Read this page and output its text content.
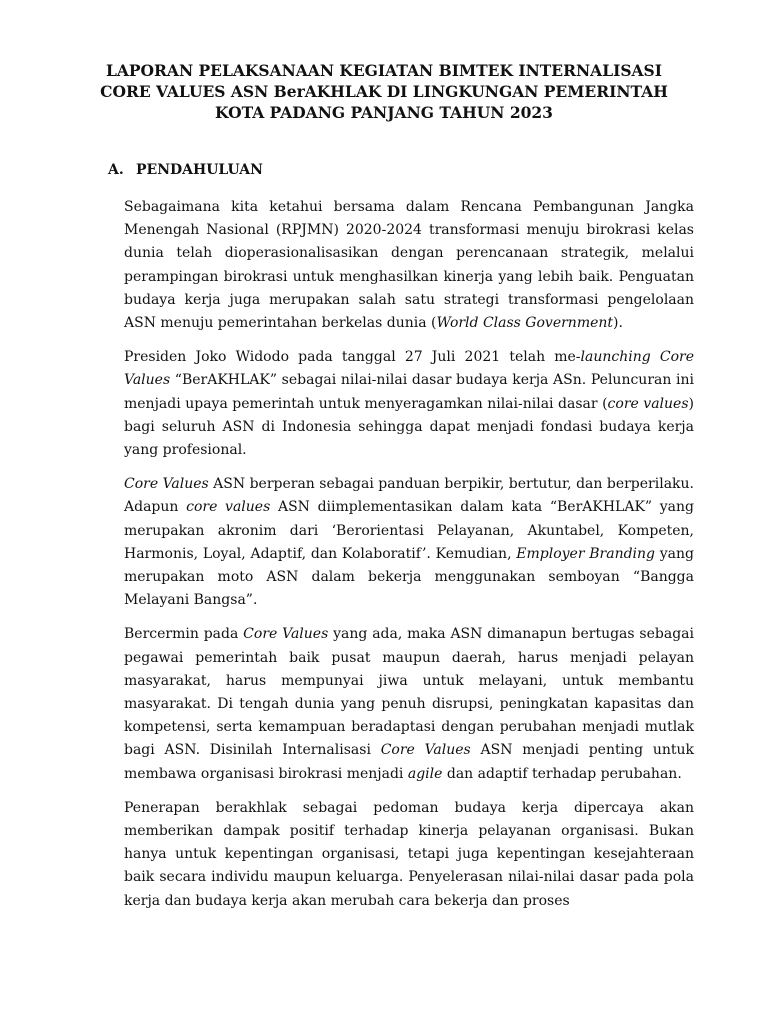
LAPORAN PELAKSANAAN KEGIATAN BIMTEK INTERNALISASI
CORE VALUES ASN BerAKHLAK DI LINGKUNGAN PEMERINTAH
KOTA PADANG PANJANG TAHUN 2023
A. PENDAHULUAN

Sebagaimana kita ketahui bersama dalam Rencana Pembangunan Jangka Menengah Nasional (RPJMN) 2020-2024 transformasi menuju birokrasi kelas dunia telah dioperasionalisasikan dengan perencanaan strategik, melalui perampingan birokrasi untuk menghasilkan kinerja yang lebih baik. Penguatan budaya kerja juga merupakan salah satu strategi transformasi pengelolaan ASN menuju pemerintahan berkelas dunia (World Class Government).

Presiden Joko Widodo pada tanggal 27 Juli 2021 telah me-launching Core Values “BerAKHLAK” sebagai nilai-nilai dasar budaya kerja ASn. Peluncuran ini menjadi upaya pemerintah untuk menyeragamkan nilai-nilai dasar (core values) bagi seluruh ASN di Indonesia sehingga dapat menjadi fondasi budaya kerja yang profesional.

Core Values ASN berperan sebagai panduan berpikir, bertutur, dan berperilaku. Adapun core values ASN diimplementasikan dalam kata “BerAKHLAK” yang merupakan akronim dari ‘Berorientasi Pelayanan, Akuntabel, Kompeten, Harmonis, Loyal, Adaptif, dan Kolaboratif’. Kemudian, Employer Branding yang merupakan moto ASN dalam bekerja menggunakan semboyan “Bangga Melayani Bangsa”.

Bercermin pada Core Values yang ada, maka ASN dimanapun bertugas sebagai pegawai pemerintah baik pusat maupun daerah, harus menjadi pelayan masyarakat, harus mempunyai jiwa untuk melayani, untuk membantu masyarakat. Di tengah dunia yang penuh disrupsi, peningkatan kapasitas dan kompetensi, serta kemampuan beradaptasi dengan perubahan menjadi mutlak bagi ASN. Disinilah Internalisasi Core Values ASN menjadi penting untuk membawa organisasi birokrasi menjadi agile dan adaptif terhadap perubahan.

Penerapan berakhlak sebagai pedoman budaya kerja dipercaya akan memberikan dampak positif terhadap kinerja pelayanan organisasi. Bukan hanya untuk kepentingan organisasi, tetapi juga kepentingan kesejahteraan baik secara individu maupun keluarga. Penyelerasan nilai-nilai dasar pada pola kerja dan budaya kerja akan merubah cara bekerja dan proses
